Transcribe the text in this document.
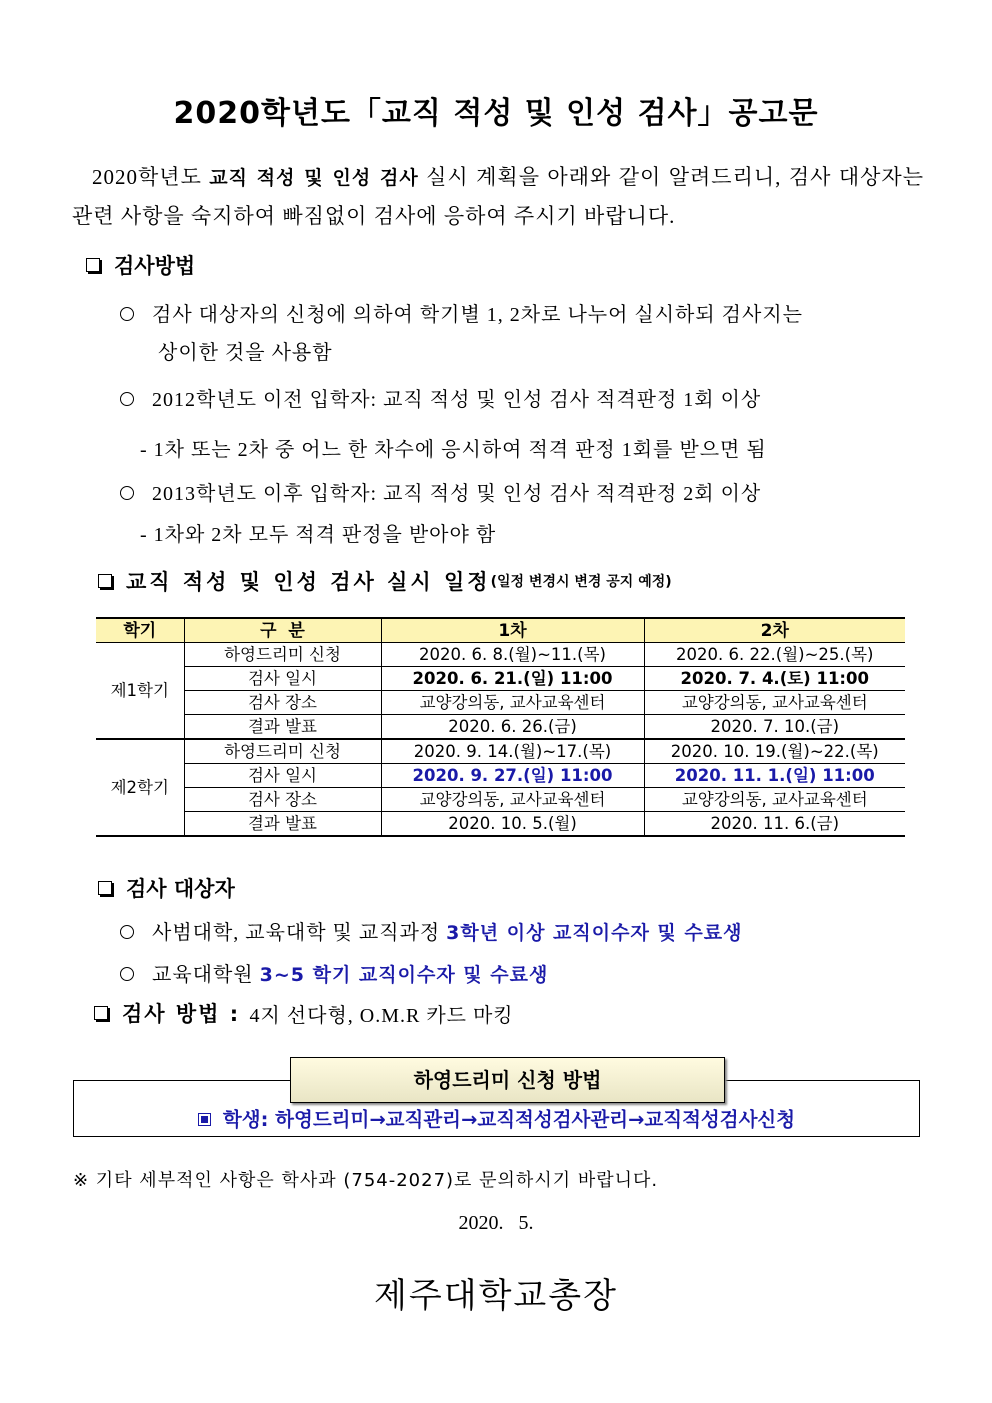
2020학년도「교직 적성 및 인성 검사」공고문
2020학년도 교직 적성 및 인성 검사 실시 계획을 아래와 같이 알려드리니, 검사 대상자는 관련 사항을 숙지하여 빠짐없이 검사에 응하여 주시기 바랍니다.
검사방법
검사 대상자의 신청에 의하여 학기별 1, 2차로 나누어 실시하되 검사지는
상이한 것을 사용함
2012학년도 이전 입학자: 교직 적성 및 인성 검사 적격판정 1회 이상
- 1차 또는 2차 중 어느 한 차수에 응시하여 적격 판정 1회를 받으면 됨
2013학년도 이후 입학자: 교직 적성 및 인성 검사 적격판정 2회 이상
- 1차와 2차 모두 적격 판정을 받아야 함
교직 적성 및 인성 검사 실시 일정 (일정 변경시 변경 공지 예정)
학기	구  분	1차	2차
제1학기	하영드리미 신청	2020. 6. 8.(월)~11.(목)	2020. 6. 22.(월)~25.(목)
	검사 일시	2020. 6. 21.(일) 11:00	2020. 7. 4.(토) 11:00
	검사 장소	교양강의동, 교사교육센터	교양강의동, 교사교육센터
	결과 발표	2020. 6. 26.(금)	2020. 7. 10.(금)
제2학기	하영드리미 신청	2020. 9. 14.(월)~17.(목)	2020. 10. 19.(월)~22.(목)
	검사 일시	2020. 9. 27.(일) 11:00	2020. 11. 1.(일) 11:00
	검사 장소	교양강의동, 교사교육센터	교양강의동, 교사교육센터
	결과 발표	2020. 10. 5.(월)	2020. 11. 6.(금)
검사 대상자
사범대학, 교육대학 및 교직과정 3학년 이상 교직이수자 및 수료생
교육대학원 3~5 학기 교직이수자 및 수료생
검사 방법 : 4지 선다형, O.M.R 카드 마킹
하영드리미 신청 방법
학생: 하영드리미→교직관리→교직적성검사관리→교직적성검사신청
※ 기타 세부적인 사항은 학사과 (754-2027)로 문의하시기 바랍니다.
2020.   5.
제주대학교총장
